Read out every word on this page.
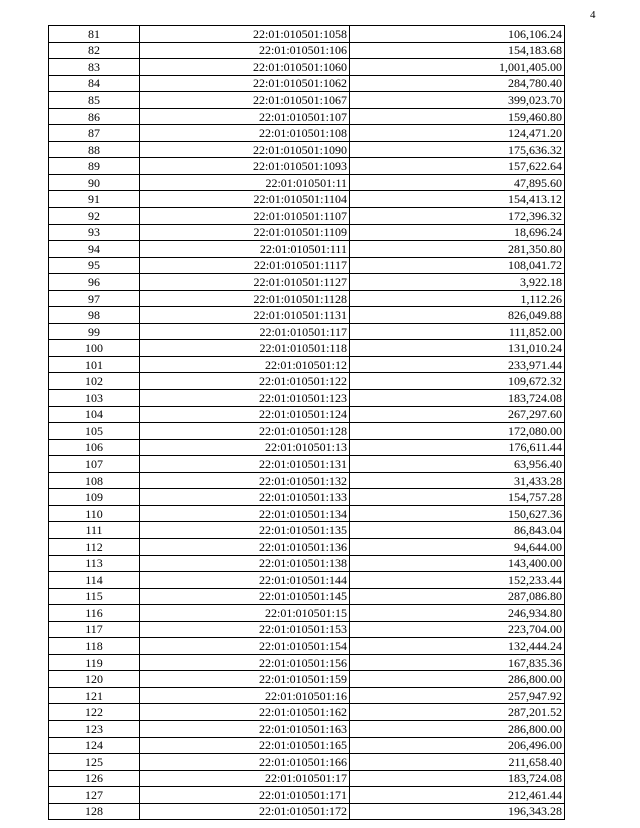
4
81	22:01:010501:1058	106,106.24
82	22:01:010501:106	154,183.68
83	22:01:010501:1060	1,001,405.00
84	22:01:010501:1062	284,780.40
85	22:01:010501:1067	399,023.70
86	22:01:010501:107	159,460.80
87	22:01:010501:108	124,471.20
88	22:01:010501:1090	175,636.32
89	22:01:010501:1093	157,622.64
90	22:01:010501:11	47,895.60
91	22:01:010501:1104	154,413.12
92	22:01:010501:1107	172,396.32
93	22:01:010501:1109	18,696.24
94	22:01:010501:111	281,350.80
95	22:01:010501:1117	108,041.72
96	22:01:010501:1127	3,922.18
97	22:01:010501:1128	1,112.26
98	22:01:010501:1131	826,049.88
99	22:01:010501:117	111,852.00
100	22:01:010501:118	131,010.24
101	22:01:010501:12	233,971.44
102	22:01:010501:122	109,672.32
103	22:01:010501:123	183,724.08
104	22:01:010501:124	267,297.60
105	22:01:010501:128	172,080.00
106	22:01:010501:13	176,611.44
107	22:01:010501:131	63,956.40
108	22:01:010501:132	31,433.28
109	22:01:010501:133	154,757.28
110	22:01:010501:134	150,627.36
111	22:01:010501:135	86,843.04
112	22:01:010501:136	94,644.00
113	22:01:010501:138	143,400.00
114	22:01:010501:144	152,233.44
115	22:01:010501:145	287,086.80
116	22:01:010501:15	246,934.80
117	22:01:010501:153	223,704.00
118	22:01:010501:154	132,444.24
119	22:01:010501:156	167,835.36
120	22:01:010501:159	286,800.00
121	22:01:010501:16	257,947.92
122	22:01:010501:162	287,201.52
123	22:01:010501:163	286,800.00
124	22:01:010501:165	206,496.00
125	22:01:010501:166	211,658.40
126	22:01:010501:17	183,724.08
127	22:01:010501:171	212,461.44
128	22:01:010501:172	196,343.28
